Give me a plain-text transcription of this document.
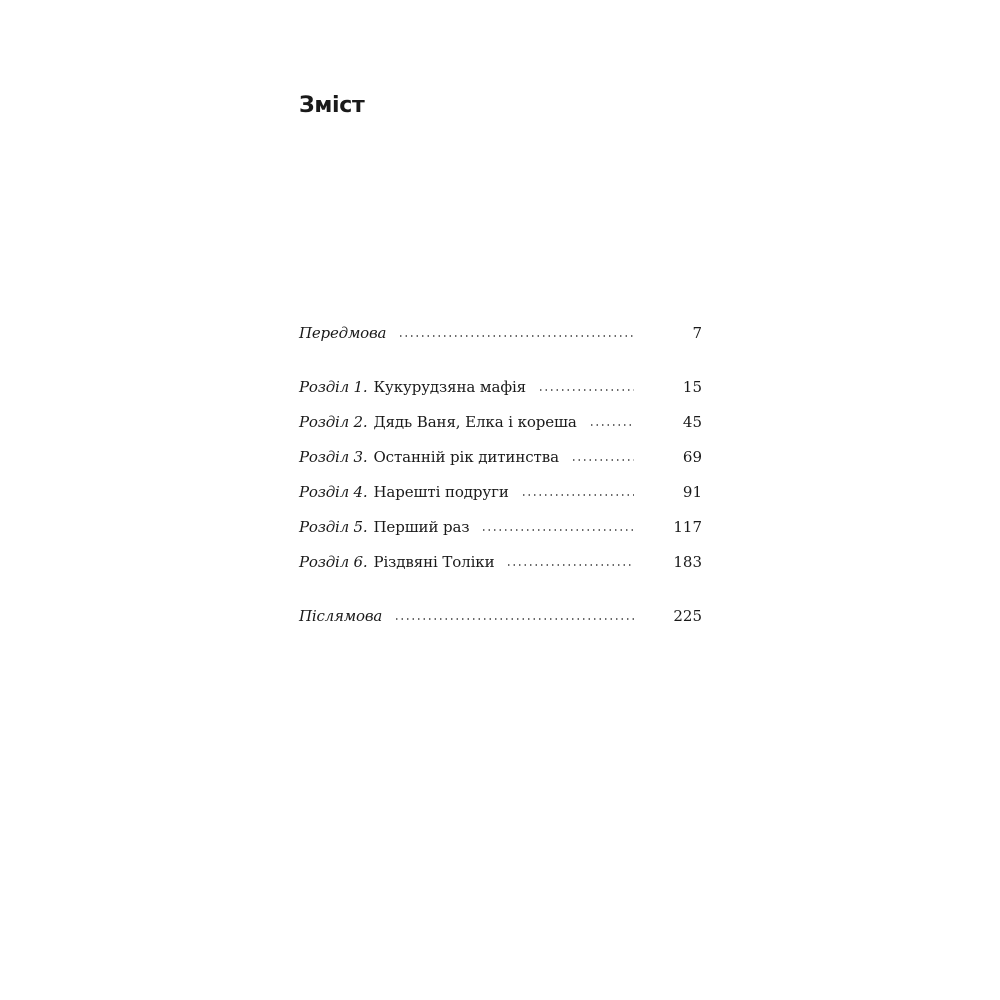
Зміст
Передмова	7
Розділ 1. Кукурудзяна мафія	15
Розділ 2. Дядь Ваня, Елка і кореша	45
Розділ 3. Останній рік дитинства	69
Розділ 4. Нарешті подруги	91
Розділ 5. Перший раз	117
Розділ 6. Різдвяні Толіки	183
Післямова	225
